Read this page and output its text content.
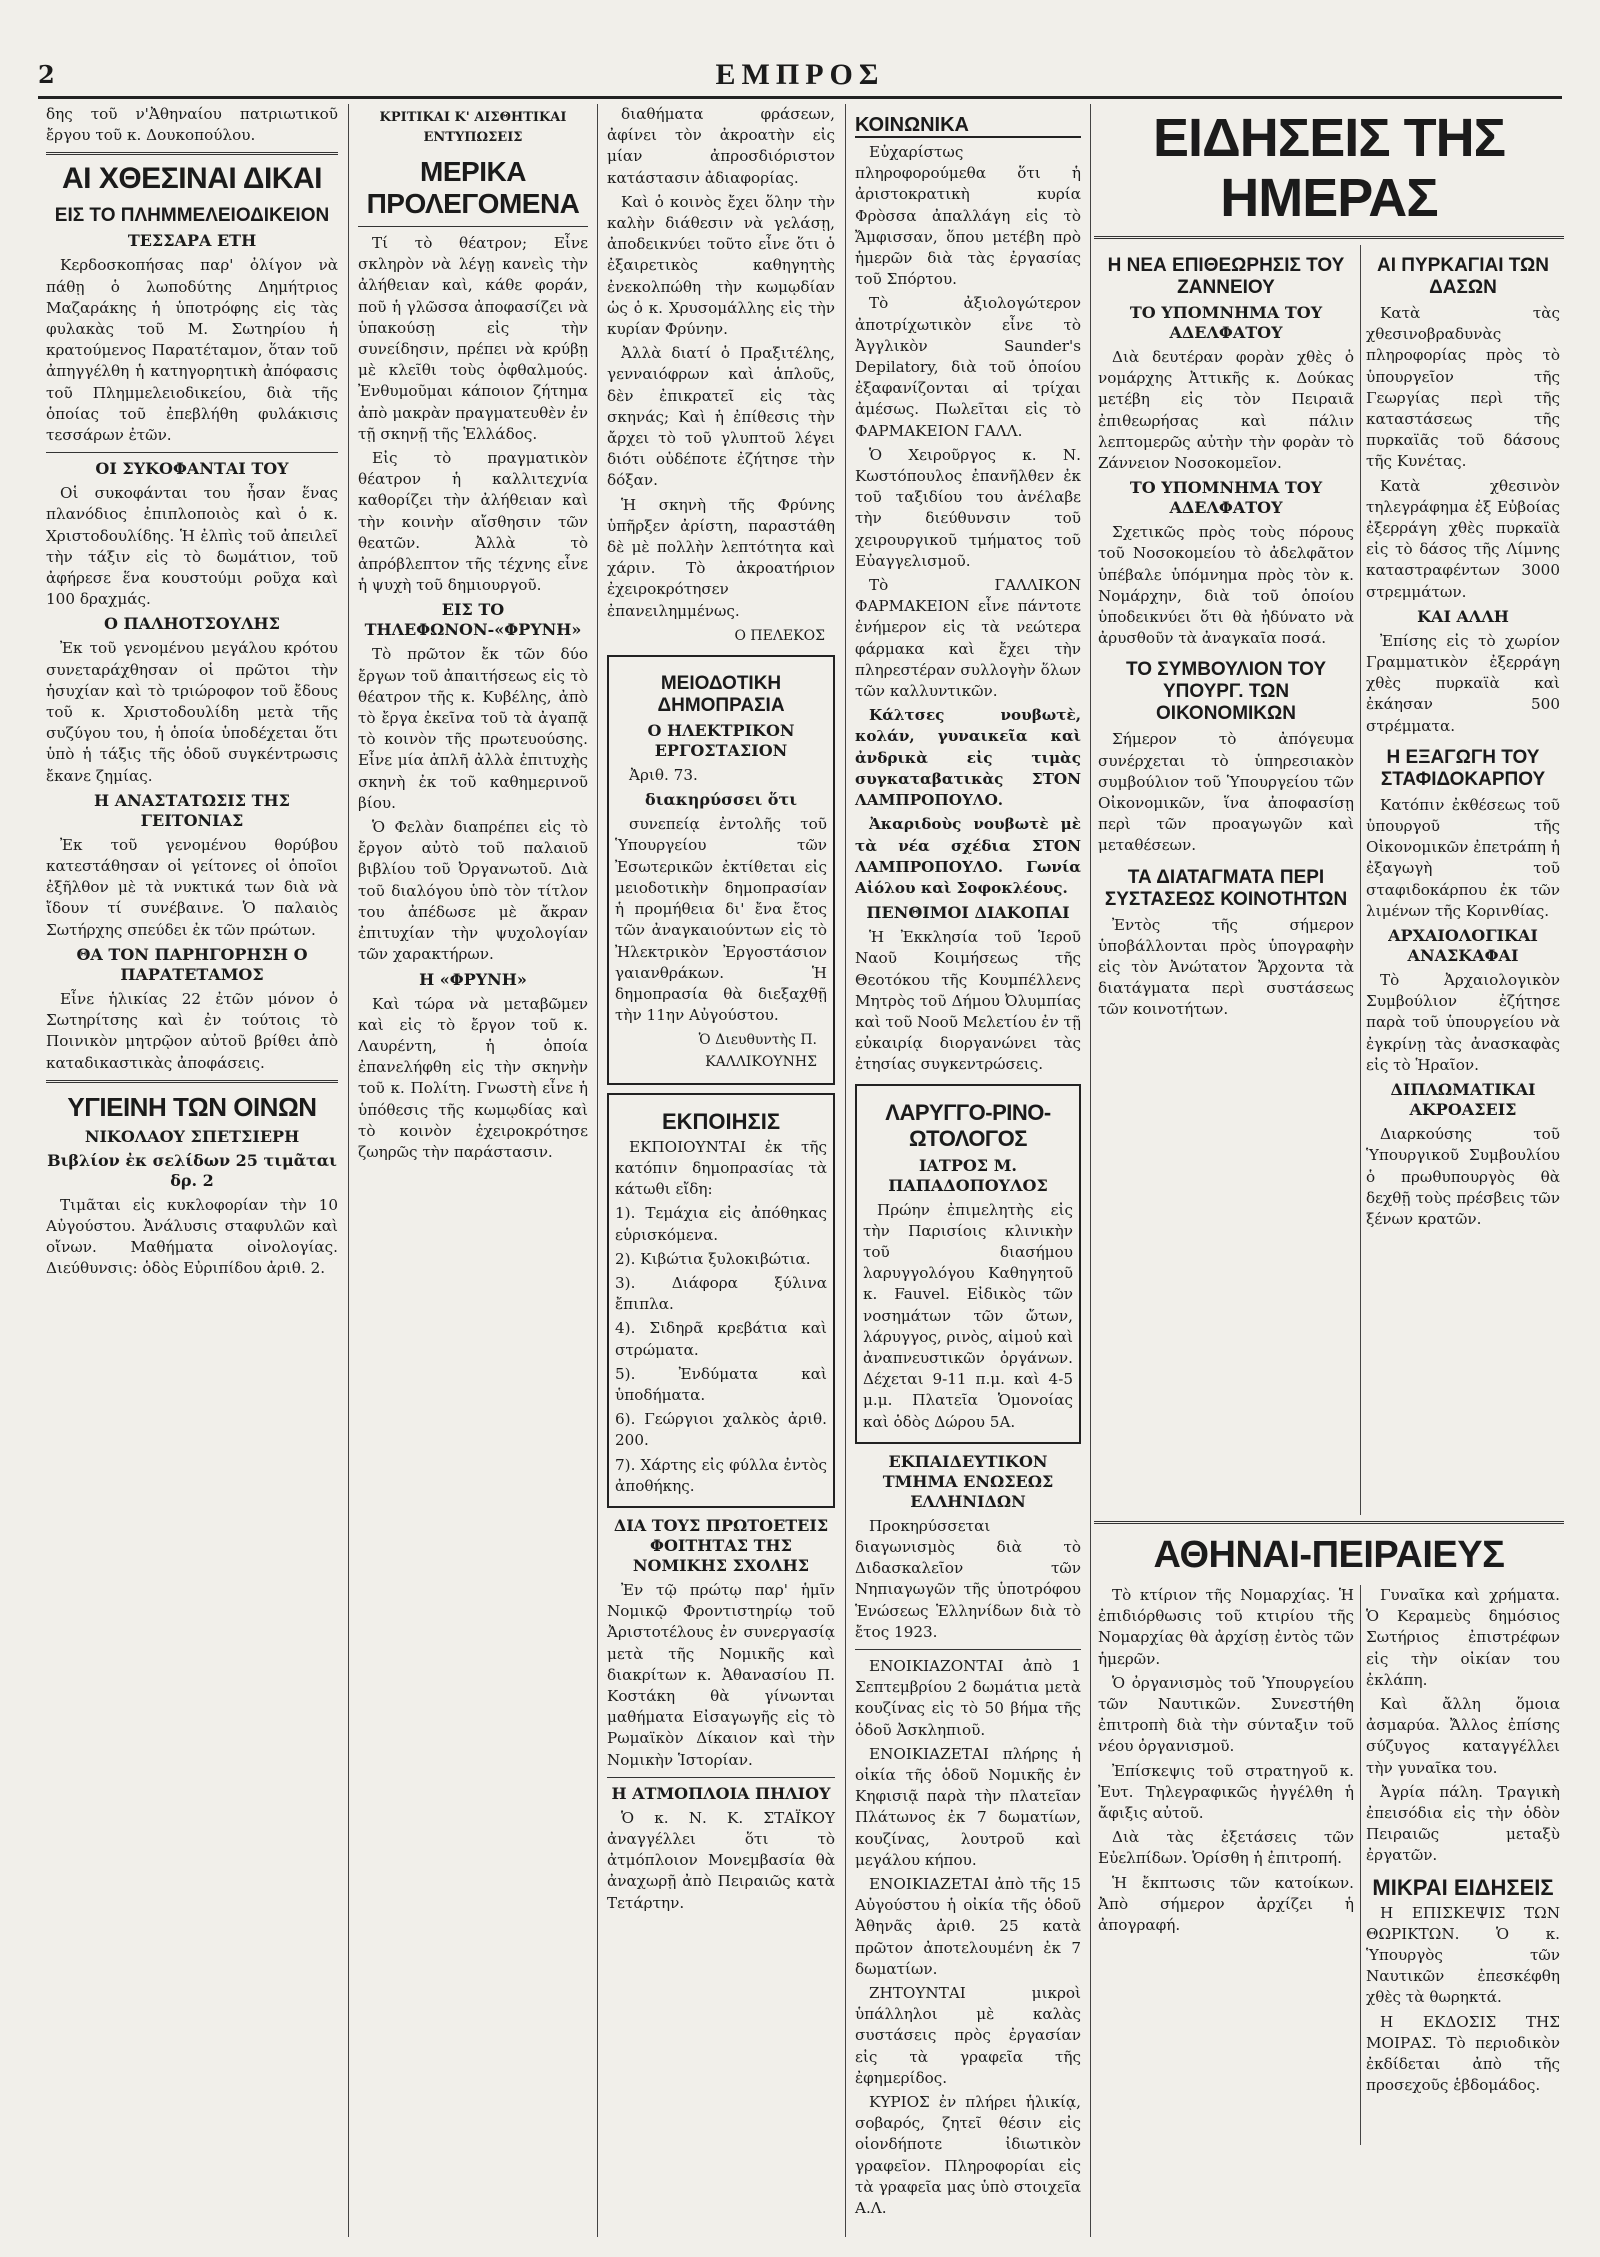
2	ΕΜΠΡΟΣ

δης τοῦ ν'Ἀθηναίου πατριωτικοῦ ἔργου τοῦ κ. Δουκοπούλου.

ΑΙ ΧΘΕΣΙΝΑΙ ΔΙΚΑΙ
ΕΙΣ ΤΟ ΠΛΗΜΜΕΛΕΙΟΔΙΚΕΙΟΝ
ΤΕΣΣΑΡΑ ΕΤΗ

Κερδοσκοπήσας παρ' ὀλίγον νὰ πάθῃ ὁ λωποδύτης Δημήτριος Μαζαράκης ἡ ὑποτρόφης εἰς τὰς φυλακὰς τοῦ Μ. Σωτηρίου ἡ κρατούμενος Παρατέταμον, ὅταν τοῦ ἀπηγγέλθη ἡ κατηγορητικὴ ἀπόφασις τοῦ Πλημμελειοδικείου, διὰ τῆς ὁποίας τοῦ ἐπεβλήθη φυλάκισις τεσσάρων ἐτῶν.

ΟΙ ΣΥΚΟΦΑΝΤΑΙ ΤΟΥ

Οἱ συκοφάνται του ἦσαν ἕνας πλανόδιος ἐπιπλοποιὸς καὶ ὁ κ. Χριστοδουλίδης. Ἡ ἐλπὶς τοῦ ἀπειλεῖ τὴν τάξιν εἰς τὸ δωμάτιον, τοῦ ἀφήρεσε ἕνα κουστούμι ροῦχα καὶ 100 δραχμάς.

Ο ΠΑΛΗΟΤΣΟΥΛΗΣ

Ἐκ τοῦ γενομένου μεγάλου κρότου συνεταράχθησαν οἱ πρῶτοι τὴν ἡσυχίαν καὶ τὸ τριώροφον τοῦ ἔδους τοῦ κ. Χριστοδουλίδη μετὰ τῆς συζύγου του, ἡ ὁποία ὑποδέχεται ὅτι ὑπὸ ἡ τάξις τῆς ὁδοῦ συγκέντρωσις ἔκανε ζημίας.

Η ΑΝΑΣΤΑΤΩΣΙΣ ΤΗΣ ΓΕΙΤΟΝΙΑΣ

Ἐκ τοῦ γενομένου θορύβου κατεστάθησαν οἱ γείτονες οἱ ὁποῖοι ἐξῆλθον μὲ τὰ νυκτικά των διὰ νὰ ἴδουν τί συνέβαινε. Ὁ παλαιὸς Σωτήρχης σπεύδει ἐκ τῶν πρώτων.

ΘΑ ΤΟΝ ΠΑΡΗΓΟΡΗΣΗ Ο ΠΑΡΑΤΕΤΑΜΟΣ

Εἶνε ἡλικίας 22 ἐτῶν μόνον ὁ Σωτηρίτσης καὶ ἐν τούτοις τὸ Ποινικὸν μητρῷον αὐτοῦ βρίθει ἀπὸ καταδικαστικὰς ἀποφάσεις.

ΥΓΙΕΙΝΗ ΤΩΝ ΟΙΝΩΝ
ΝΙΚΟΛΑΟΥ ΣΠΕΤΣΙΕΡΗ
Βιβλίον ἐκ σελίδων 25 τιμᾶται δρ. 2

Τιμᾶται εἰς κυκλοφορίαν τὴν 10 Αὐγούστου. Ἀνάλυσις σταφυλῶν καὶ οἴνων. Μαθήματα οἰνολογίας. Διεύθυνσις: ὁδὸς Εὐριπίδου ἀριθ. 2.

ΚΡΙΤΙΚΑΙ Κ' ΑΙΣΘΗΤΙΚΑΙ ΕΝΤΥΠΩΣΕΙΣ
ΜΕΡΙΚΑ ΠΡΟΛΕΓΟΜΕΝΑ

Τί τὸ θέατρον; Εἶνε σκληρὸν νὰ λέγῃ κανεὶς τὴν ἀλήθειαν καὶ, κάθε φοράν, ποῦ ἡ γλῶσσα ἀποφασίζει νὰ ὑπακούσῃ εἰς τὴν συνείδησιν, πρέπει νὰ κρύβῃ μὲ κλεῖθι τοὺς ὀφθαλμούς. Ἐνθυμοῦμαι κάποιον ζήτημα ἀπὸ μακρὰν πραγματευθὲν ἐν τῇ σκηνῇ τῆς Ἑλλάδος.

Εἰς τὸ πραγματικὸν θέατρον ἡ καλλιτεχνία καθορίζει τὴν ἀλήθειαν καὶ τὴν κοινὴν αἴσθησιν τῶν θεατῶν. Ἀλλὰ τὸ ἀπρόβλεπτον τῆς τέχνης εἶνε ἡ ψυχὴ τοῦ δημιουργοῦ.

ΕΙΣ ΤΟ ΤΗΛΕΦΩΝΟΝ-«ΦΡΥΝΗ»

Τὸ πρῶτον ἔκ τῶν δύο ἔργων τοῦ ἀπαιτήσεως εἰς τὸ θέατρον τῆς κ. Κυβέλης, ἀπὸ τὸ ἔργα ἐκεῖνα τοῦ τὰ ἀγαπᾷ τὸ κοινὸν τῆς πρωτευούσης. Εἶνε μία ἀπλῆ ἀλλὰ ἐπιτυχὴς σκηνὴ ἐκ τοῦ καθημερινοῦ βίου.

Ὁ Φελὰν διαπρέπει εἰς τὸ ἔργον αὐτὸ τοῦ παλαιοῦ βιβλίου τοῦ Ὀργανωτοῦ. Διὰ τοῦ διαλόγου ὑπὸ τὸν τίτλον του ἀπέδωσε μὲ ἄκραν ἐπιτυχίαν τὴν ψυχολογίαν τῶν χαρακτήρων.

Η «ΦΡΥΝΗ»

Καὶ τώρα νὰ μεταβῶμεν καὶ εἰς τὸ ἔργον τοῦ κ. Λαυρέντη, ἡ ὁποία ἐπανελήφθη εἰς τὴν σκηνὴν τοῦ κ. Πολίτη. Γνωστὴ εἶνε ἡ ὑπόθεσις τῆς κωμῳδίας καὶ τὸ κοινὸν ἐχειροκρότησε ζωηρῶς τὴν παράστασιν.

διαθήματα φράσεων, ἀφίνει τὸν ἀκροατὴν εἰς μίαν ἀπροσδιόριστον κατάστασιν ἀδιαφορίας.

Καὶ ὁ κοινὸς ἔχει ὅλην τὴν καλὴν διάθεσιν νὰ γελάσῃ, ἀποδεικνύει τοῦτο εἶνε ὅτι ὁ ἐξαιρετικὸς καθηγητὴς ἐνεκολπώθη τὴν κωμῳδίαν ὡς ὁ κ. Χρυσομάλλης εἰς τὴν κυρίαν Φρύνην.

Ἀλλὰ διατί ὁ Πραξιτέλης, γενναιόφρων καὶ ἁπλοῦς, δὲν ἐπικρατεῖ εἰς τὰς σκηνάς; Καὶ ἡ ἐπίθεσις τὴν ἄρχει τὸ τοῦ γλυπτοῦ λέγει διότι οὐδέποτε ἐζήτησε τὴν δόξαν.

Ἡ σκηνὴ τῆς Φρύνης ὑπῆρξεν ἀρίστη, παραστάθη δὲ μὲ πολλὴν λεπτότητα καὶ χάριν. Τὸ ἀκροατήριον ἐχειροκρότησεν ἐπανειλημμένως.

Ο ΠΕΛΕΚΟΣ
ΜΕΙΟΔΟΤΙΚΗ ΔΗΜΟΠΡΑΣΙΑ
Ο ΗΛΕΚΤΡΙΚΟΝ ΕΡΓΟΣΤΑΣΙΟΝ

Ἀριθ. 73.

διακηρύσσει ὅτι

συνεπείᾳ ἐντολῆς τοῦ Ὑπουργείου τῶν Ἐσωτερικῶν ἐκτίθεται εἰς μειοδοτικὴν δημοπρασίαν ἡ προμήθεια δι' ἔνα ἔτος τῶν ἀναγκαιούντων εἰς τὸ Ἠλεκτρικὸν Ἐργοστάσιον γαιανθράκων. Ἡ δημοπρασία θὰ διεξαχθῇ τὴν 11ην Αὐγούστου.

Ὁ Διευθυντὴς Π. ΚΑΛΛΙΚΟΥΝΗΣ
ΕΚΠΟΙΗΣΙΣ

ΕΚΠΟΙΟΥΝΤΑΙ ἐκ τῆς κατόπιν δημοπρασίας τὰ κάτωθι εἴδη:

1). Τεμάχια εἰς ἀπόθηκας εὑρισκόμενα.

2). Κιβώτια ξυλοκιβώτια.

3). Διάφορα ξύλινα ἔπιπλα.

4). Σιδηρᾶ κρεβάτια καὶ στρώματα.

5). Ἐνδύματα καὶ ὑποδήματα.

6). Γεώργιοι χαλκὸς ἀριθ. 200.

7). Χάρτης εἰς φύλλα ἐντὸς ἀποθήκης.

ΔΙΑ ΤΟΥΣ ΠΡΩΤΟΕΤΕΙΣ ΦΟΙΤΗΤΑΣ ΤΗΣ ΝΟΜΙΚΗΣ ΣΧΟΛΗΣ

Ἐν τῷ πρώτῳ παρ' ἡμῖν Νομικῷ Φροντιστηρίῳ τοῦ Ἀριστοτέλους ἐν συνεργασίᾳ μετὰ τῆς Νομικῆς καὶ διακρίτων κ. Ἀθανασίου Π. Κοστάκη θὰ γίνωνται μαθήματα Εἰσαγωγῆς εἰς τὸ Ρωμαϊκὸν Δίκαιον καὶ τὴν Νομικὴν Ἱστορίαν.

Η ΑΤΜΟΠΛΟΙΑ ΠΗΛΙΟΥ

Ὁ κ. Ν. Κ. ΣΤΑΪΚΟΥ ἀναγγέλλει ὅτι τὸ ἀτμόπλοιον Μονεμβασία θὰ ἀναχωρῇ ἀπὸ Πειραιῶς κατὰ Τετάρτην.

ΚΟΙΝΩΝΙΚΑ

Εὐχαρίστως πληροφορούμεθα ὅτι ἡ ἀριστοκρατικὴ κυρία Φρὸσσα ἀπαλλάγη εἰς τὸ Ἄμφισσαν, ὅπου μετέβη πρὸ ἡμερῶν διὰ τὰς ἐργασίας τοῦ Σπόρτου.

Τὸ ἀξιολογώτερον ἀποτρίχωτικὸν εἶνε τὸ Ἀγγλικὸν Saunder's Depilatory, διὰ τοῦ ὁποίου ἐξαφανίζονται αἱ τρίχαι ἀμέσως. Πωλεῖται εἰς τὸ ΦΑΡΜΑΚΕΙΟΝ ΓΑΛΛ.

Ὁ Χειροῦργος κ. Ν. Κωστόπουλος ἐπανῆλθεν ἐκ τοῦ ταξιδίου του ἀνέλαβε τὴν διεύθυνσιν τοῦ χειρουργικοῦ τμήματος τοῦ Εὐαγγελισμοῦ.

Τὸ ΓΑΛΛΙΚΟΝ ΦΑΡΜΑΚΕΙΟΝ εἶνε πάντοτε ἐνήμερον εἰς τὰ νεώτερα φάρμακα καὶ ἔχει τὴν πληρεστέραν συλλογὴν ὅλων τῶν καλλυντικῶν.

Κάλτσες νουβωτὲ, κολάν, γυναικεῖα καὶ ἀνδρικὰ εἰς τιμὰς συγκαταβατικὰς ΣΤΟΝ ΛΑΜΠΡΟΠΟΥΛΟ.

Ἀκαριδοὺς νουβωτὲ μὲ τὰ νέα σχέδια ΣΤΟΝ ΛΑΜΠΡΟΠΟΥΛΟ. Γωνία Αἰόλου καὶ Σοφοκλέους.

ΠΕΝΘΙΜΟΙ ΔΙΑΚΟΠΑΙ

Ἡ Ἐκκλησία τοῦ Ἱεροῦ Ναοῦ Κοιμήσεως τῆς Θεοτόκου τῆς Κουμπέλλενς Μητρὸς τοῦ Δήμου Ὀλυμπίας καὶ τοῦ Νοοῦ Μελετίου ἐν τῇ εὐκαιρίᾳ διοργανώνει τὰς ἐτησίας συγκεντρώσεις.

ΛΑΡΥΓΓΟ-ΡΙΝΟ-ΩΤΟΛΟΓΟΣ
ΙΑΤΡΟΣ Μ. ΠΑΠΑΔΟΠΟΥΛΟΣ

Πρώην ἐπιμελητὴς εἰς τὴν Παρισίοις κλινικὴν τοῦ διασήμου λαρυγγολόγου Καθηγητοῦ κ. Fauvel. Εἰδικὸς τῶν νοσημάτων τῶν ὤτων, λάρυγγος, ρινὸς, αἱμοὐ καὶ ἀναπνευστικῶν ὀργάνων. Δέχεται 9-11 π.μ. καὶ 4-5 μ.μ. Πλατεῖα Ὁμονοίας καὶ ὁδὸς Δώρου 5Α.

ΕΚΠΑΙΔΕΥΤΙΚΟΝ ΤΜΗΜΑ ΕΝΩΣΕΩΣ ΕΛΛΗΝΙΔΩΝ

Προκηρύσσεται διαγωνισμὸς διὰ τὸ Διδασκαλεῖον τῶν Νηπιαγωγῶν τῆς ὑποτρόφου Ἑνώσεως Ἑλληνίδων διὰ τὸ ἔτος 1923.

ΕΝΟΙΚΙΑΖΟΝΤΑΙ ἀπὸ 1 Σεπτεμβρίου 2 δωμάτια μετὰ κουζίνας εἰς τὸ 50 βήμα τῆς ὁδοῦ Ἀσκληπιοῦ.

ΕΝΟΙΚΙΑΖΕΤΑΙ πλήρης ἡ οἰκία τῆς ὁδοῦ Νομικῆς ἐν Κηφισιᾷ παρὰ τὴν πλατεῖαν Πλάτωνος ἐκ 7 δωματίων, κουζίνας, λουτροῦ καὶ μεγάλου κήπου.

ΕΝΟΙΚΙΑΖΕΤΑΙ ἀπὸ τῆς 15 Αὐγούστου ἡ οἰκία τῆς ὁδοῦ Ἀθηνᾶς ἀριθ. 25 κατὰ πρῶτον ἀποτελουμένη ἐκ 7 δωματίων.

ΖΗΤΟΥΝΤΑΙ μικροὶ ὑπάλληλοι μὲ καλὰς συστάσεις πρὸς ἐργασίαν εἰς τὰ γραφεῖα τῆς ἐφημερίδος.

ΚΥΡΙΟΣ ἐν πλήρει ἡλικίᾳ, σοβαρός, ζητεῖ θέσιν εἰς οἱονδήποτε ἰδιωτικὸν γραφεῖον. Πληροφορίαι εἰς τὰ γραφεῖα μας ὑπὸ στοιχεῖα Α.Λ.

ΕΙΔΗΣΕΙΣ ΤΗΣ ΗΜΕΡΑΣ
Η ΝΕΑ ΕΠΙΘΕΩΡΗΣΙΣ ΤΟΥ ΖΑΝΝΕΙΟΥ
ΤΟ ΥΠΟΜΝΗΜΑ ΤΟΥ ΑΔΕΛΦΑΤΟΥ

Διὰ δευτέραν φορὰν χθὲς ὁ νομάρχης Ἀττικῆς κ. Δούκας μετέβη εἰς τὸν Πειραιᾶ ἐπιθεωρήσας καὶ πάλιν λεπτομερῶς αὐτὴν τὴν φορὰν τὸ Ζάννειον Νοσοκομεῖον.

ΤΟ ΥΠΟΜΝΗΜΑ ΤΟΥ ΑΔΕΛΦΑΤΟΥ

Σχετικῶς πρὸς τοὺς πόρους τοῦ Νοσοκομείου τὸ ἀδελφᾶτον ὑπέβαλε ὑπόμνημα πρὸς τὸν κ. Νομάρχην, διὰ τοῦ ὁποίου ὑποδεικνύει ὅτι θὰ ἠδύνατο νὰ ἀρυσθοῦν τὰ ἀναγκαῖα ποσά.

ΤΟ ΣΥΜΒΟΥΛΙΟΝ ΤΟΥ ΥΠΟΥΡΓ. ΤΩΝ ΟΙΚΟΝΟΜΙΚΩΝ

Σήμερον τὸ ἀπόγευμα συνέρχεται τὸ ὑπηρεσιακὸν συμβούλιον τοῦ Ὑπουργείου τῶν Οἰκονομικῶν, ἵνα ἀποφασίσῃ περὶ τῶν προαγωγῶν καὶ μεταθέσεων.

ΤΑ ΔΙΑΤΑΓΜΑΤΑ ΠΕΡΙ ΣΥΣΤΑΣΕΩΣ ΚΟΙΝΟΤΗΤΩΝ

Ἐντὸς τῆς σήμερον ὑποβάλλονται πρὸς ὑπογραφὴν εἰς τὸν Ἀνώτατον Ἄρχοντα τὰ διατάγματα περὶ συστάσεως τῶν κοινοτήτων.

ΑΙ ΠΥΡΚΑΓΙΑΙ ΤΩΝ ΔΑΣΩΝ

Κατὰ τὰς χθεσινοβραδυνὰς πληροφορίας πρὸς τὸ ὑπουργεῖον τῆς Γεωργίας περὶ τῆς καταστάσεως τῆς πυρκαϊᾶς τοῦ δάσους τῆς Κυνέτας.

Κατὰ χθεσινὸν τηλεγράφημα ἐξ Εὐβοίας ἐξερράγη χθὲς πυρκαϊὰ εἰς τὸ δάσος τῆς Λίμνης καταστραφέντων 3000 στρεμμάτων.

ΚΑΙ ΑΛΛΗ

Ἐπίσης εἰς τὸ χωρίον Γραμματικὸν ἐξερράγη χθὲς πυρκαϊὰ καὶ ἐκάησαν 500 στρέμματα.

Η ΕΞΑΓΩΓΗ ΤΟΥ ΣΤΑΦΙΔΟΚΑΡΠΟΥ

Κατόπιν ἐκθέσεως τοῦ ὑπουργοῦ τῆς Οἰκονομικῶν ἐπετράπη ἡ ἐξαγωγὴ τοῦ σταφιδοκάρπου ἐκ τῶν λιμένων τῆς Κορινθίας.

ΑΡΧΑΙΟΛΟΓΙΚΑΙ ΑΝΑΣΚΑΦΑΙ

Τὸ Ἀρχαιολογικὸν Συμβούλιον ἐζήτησε παρὰ τοῦ ὑπουργείου νὰ ἐγκρίνῃ τὰς ἀνασκαφὰς εἰς τὸ Ἡραῖον.

ΔΙΠΛΩΜΑΤΙΚΑΙ ΑΚΡΟΑΣΕΙΣ

Διαρκούσης τοῦ Ὑπουργικοῦ Συμβουλίου ὁ πρωθυπουργὸς θὰ δεχθῇ τοὺς πρέσβεις τῶν ξένων κρατῶν.

ΑΘΗΝΑΙ-ΠΕΙΡΑΙΕΥΣ

Τὸ κτίριον τῆς Νομαρχίας. Ἡ ἐπιδιόρθωσις τοῦ κτιρίου τῆς Νομαρχίας θὰ ἀρχίσῃ ἐντὸς τῶν ἡμερῶν.

Ὁ ὀργανισμὸς τοῦ Ὑπουργείου τῶν Ναυτικῶν. Συνεστήθη ἐπιτροπὴ διὰ τὴν σύνταξιν τοῦ νέου ὀργανισμοῦ.

Ἐπίσκεψις τοῦ στρατηγοῦ κ. Ἐυτ. Τηλεγραφικῶς ἠγγέλθη ἡ ἄφιξις αὐτοῦ.

Διὰ τὰς ἐξετάσεις τῶν Εὐελπίδων. Ὁρίσθη ἡ ἐπιτροπή.

Ἡ ἔκπτωσις τῶν κατοίκων. Ἀπὸ σήμερον ἀρχίζει ἡ ἀπογραφή.

Γυναῖκα καὶ χρήματα. Ὁ Κεραμεὺς δημόσιος Σωτήριος ἐπιστρέφων εἰς τὴν οἰκίαν του ἐκλάπη.

Καὶ ἄλλη ὅμοια ἀσμαρύα. Ἄλλος ἐπίσης σύζυγος καταγγέλλει τὴν γυναῖκα του.

Ἀγρία πάλη. Τραγικὴ ἐπεισόδια εἰς τὴν ὁδὸν Πειραιῶς μεταξὺ ἐργατῶν.

ΜΙΚΡΑΙ ΕΙΔΗΣΕΙΣ

Η ΕΠΙΣΚΕΨΙΣ ΤΩΝ ΘΩΡΙΚΤΩΝ. Ὁ κ. Ὑπουργὸς τῶν Ναυτικῶν ἐπεσκέφθη χθὲς τὰ θωρηκτά.

Η ΕΚΔΟΣΙΣ ΤΗΣ ΜΟΙΡΑΣ. Τὸ περιοδικὸν ἐκδίδεται ἀπὸ τῆς προσεχοῦς ἑβδομάδος.
